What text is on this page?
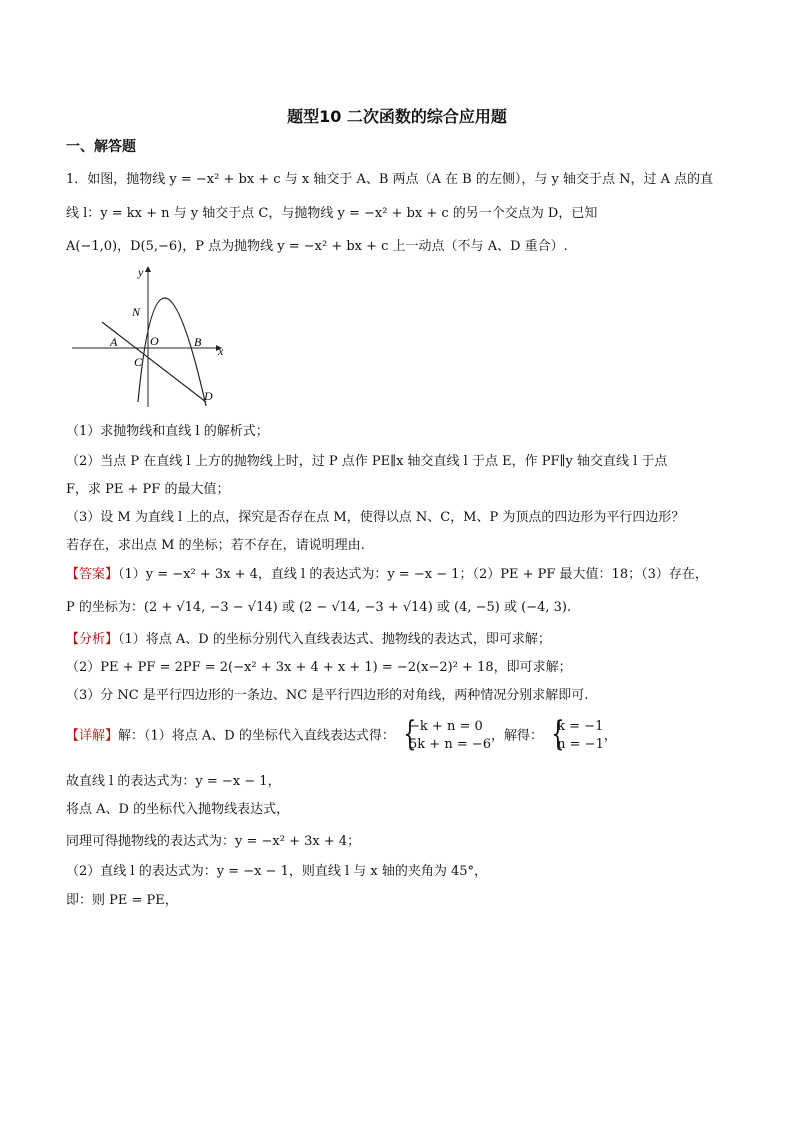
题型10 二次函数的综合应用题
一、解答题
1．如图，抛物线 y = −x² + bx + c 与 x 轴交于 A、B 两点（A 在 B 的左侧），与 y 轴交于点 N，过 A 点的直
线 l：y = kx + n 与 y 轴交于点 C，与抛物线 y = −x² + bx + c 的另一个交点为 D，已知
A(−1,0)，D(5,−6)，P 点为抛物线 y = −x² + bx + c 上一动点（不与 A、D 重合）.
y
x
N
A	O	B
C
D
（1）求抛物线和直线 l 的解析式；
（2）当点 P 在直线 l 上方的抛物线上时，过 P 点作 PE∥x 轴交直线 l 于点 E，作 PF∥y 轴交直线 l 于点
F，求 PE + PF 的最大值；
（3）设 M 为直线 l 上的点，探究是否存在点 M，使得以点 N、C，M、P 为顶点的四边形为平行四边形？
若存在，求出点 M 的坐标；若不存在，请说明理由.
【答案】（1）y = −x² + 3x + 4，直线 l 的表达式为：y = −x − 1；（2）PE + PF 最大值：18；（3）存在，
P 的坐标为：(2 + √14, −3 − √14) 或 (2 − √14, −3 + √14) 或 (4, −5) 或 (−4, 3).
【分析】（1）将点 A、D 的坐标分别代入直线表达式、抛物线的表达式，即可求解；
（2）PE + PF = 2PF = 2(−x² + 3x + 4 + x + 1) = −2(x−2)² + 18，即可求解；
（3）分 NC 是平行四边形的一条边、NC 是平行四边形的对角线，两种情况分别求解即可.
【详解】解：（1）将点 A、D 的坐标代入直线表达式得：
{ −k + n = 0
5k + n = −6
，解得：
{ k = −1
n = −1
，
故直线 l 的表达式为：y = −x − 1，
将点 A、D 的坐标代入抛物线表达式，
同理可得抛物线的表达式为：y = −x² + 3x + 4；
（2）直线 l 的表达式为：y = −x − 1，则直线 l 与 x 轴的夹角为 45°，
即：则 PE = PE，
